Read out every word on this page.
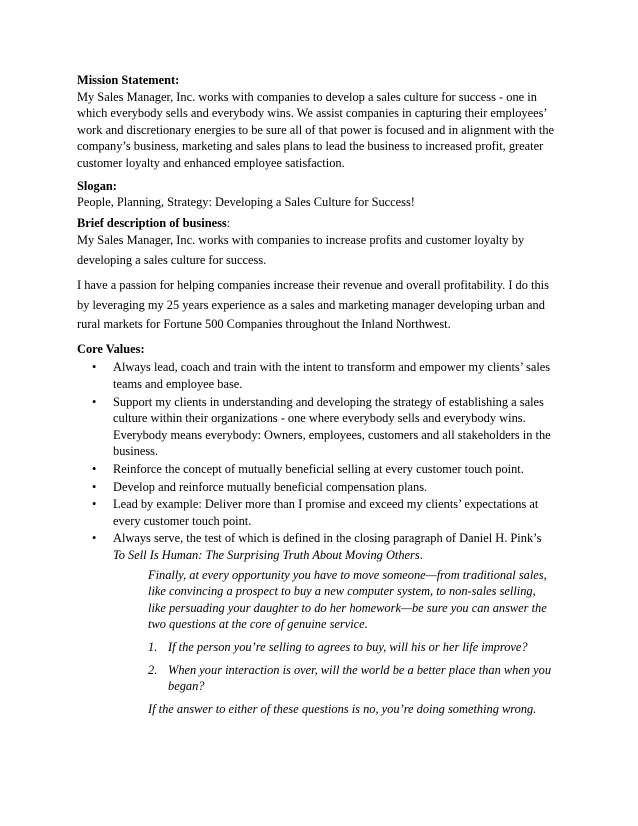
Mission Statement:

My Sales Manager, Inc. works with companies to develop a sales culture for success - one in which everybody sells and everybody wins. We assist companies in capturing their employees’ work and discretionary energies to be sure all of that power is focused and in alignment with the company’s business, marketing and sales plans to lead the business to increased profit, greater customer loyalty and enhanced employee satisfaction.

Slogan:

People, Planning, Strategy: Developing a Sales Culture for Success!

Brief description of business:

My Sales Manager, Inc. works with companies to increase profits and customer loyalty by developing a sales culture for success.

I have a passion for helping companies increase their revenue and overall profitability. I do this by leveraging my 25 years experience as a sales and marketing manager developing urban and rural markets for Fortune 500 Companies throughout the Inland Northwest.

Core Values:

• Always lead, coach and train with the intent to transform and empower my clients’ sales teams and employee base.
• Support my clients in understanding and developing the strategy of establishing a sales culture within their organizations - one where everybody sells and everybody wins. Everybody means everybody: Owners, employees, customers and all stakeholders in the business.
• Reinforce the concept of mutually beneficial selling at every customer touch point.
• Develop and reinforce mutually beneficial compensation plans.
• Lead by example: Deliver more than I promise and exceed my clients’ expectations at every customer touch point.
• Always serve, the test of which is defined in the closing paragraph of Daniel H. Pink’s To Sell Is Human: The Surprising Truth About Moving Others.

Finally, at every opportunity you have to move someone—from traditional sales, like convincing a prospect to buy a new computer system, to non-sales selling, like persuading your daughter to do her homework—be sure you can answer the two questions at the core of genuine service.

1. If the person you’re selling to agrees to buy, will his or her life improve?
2. When your interaction is over, will the world be a better place than when you began?

If the answer to either of these questions is no, you’re doing something wrong.
